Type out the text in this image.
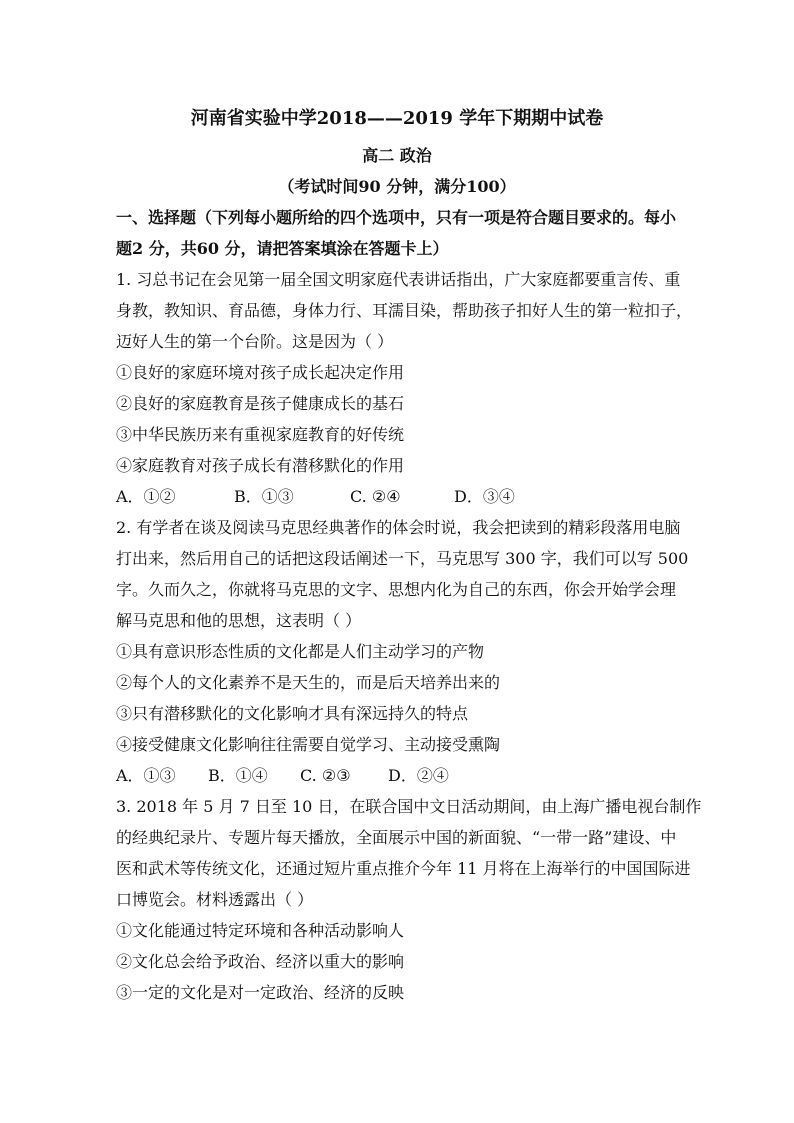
河南省实验中学2018——2019 学年下期期中试卷
高二 政治
（考试时间90 分钟，满分100）
一、选择题（下列每小题所给的四个选项中，只有一项是符合题目要求的。每小
题2 分，共60 分，请把答案填涂在答题卡上）
1. 习总书记在会见第一届全国文明家庭代表讲话指出，广大家庭都要重言传、重
身教，教知识、育品德，身体力行、耳濡目染，帮助孩子扣好人生的第一粒扣子，
迈好人生的第一个台阶。这是因为（ ）
①良好的家庭环境对孩子成长起决定作用
②良好的家庭教育是孩子健康成长的基石
③中华民族历来有重视家庭教育的好传统
④家庭教育对孩子成长有潜移默化的作用
A．①②	B．①③	C. ②④	D．③④
2. 有学者在谈及阅读马克思经典著作的体会时说，我会把读到的精彩段落用电脑
打出来，然后用自己的话把这段话阐述一下，马克思写 300 字，我们可以写 500
字。久而久之，你就将马克思的文字、思想内化为自己的东西，你会开始学会理
解马克思和他的思想，这表明（ ）
①具有意识形态性质的文化都是人们主动学习的产物
②每个人的文化素养不是天生的，而是后天培养出来的
③只有潜移默化的文化影响才具有深远持久的特点
④接受健康文化影响往往需要自觉学习、主动接受熏陶
A．①③ B．①④ C. ②③ D．②④
3. 2018 年 5 月 7 日至 10 日，在联合国中文日活动期间，由上海广播电视台制作
的经典纪录片、专题片每天播放，全面展示中国的新面貌、“一带一路”建设、中
医和武术等传统文化，还通过短片重点推介今年 11 月将在上海举行的中国国际进
口博览会。材料透露出（ ）
①文化能通过特定环境和各种活动影响人
②文化总会给予政治、经济以重大的影响
③一定的文化是对一定政治、经济的反映
